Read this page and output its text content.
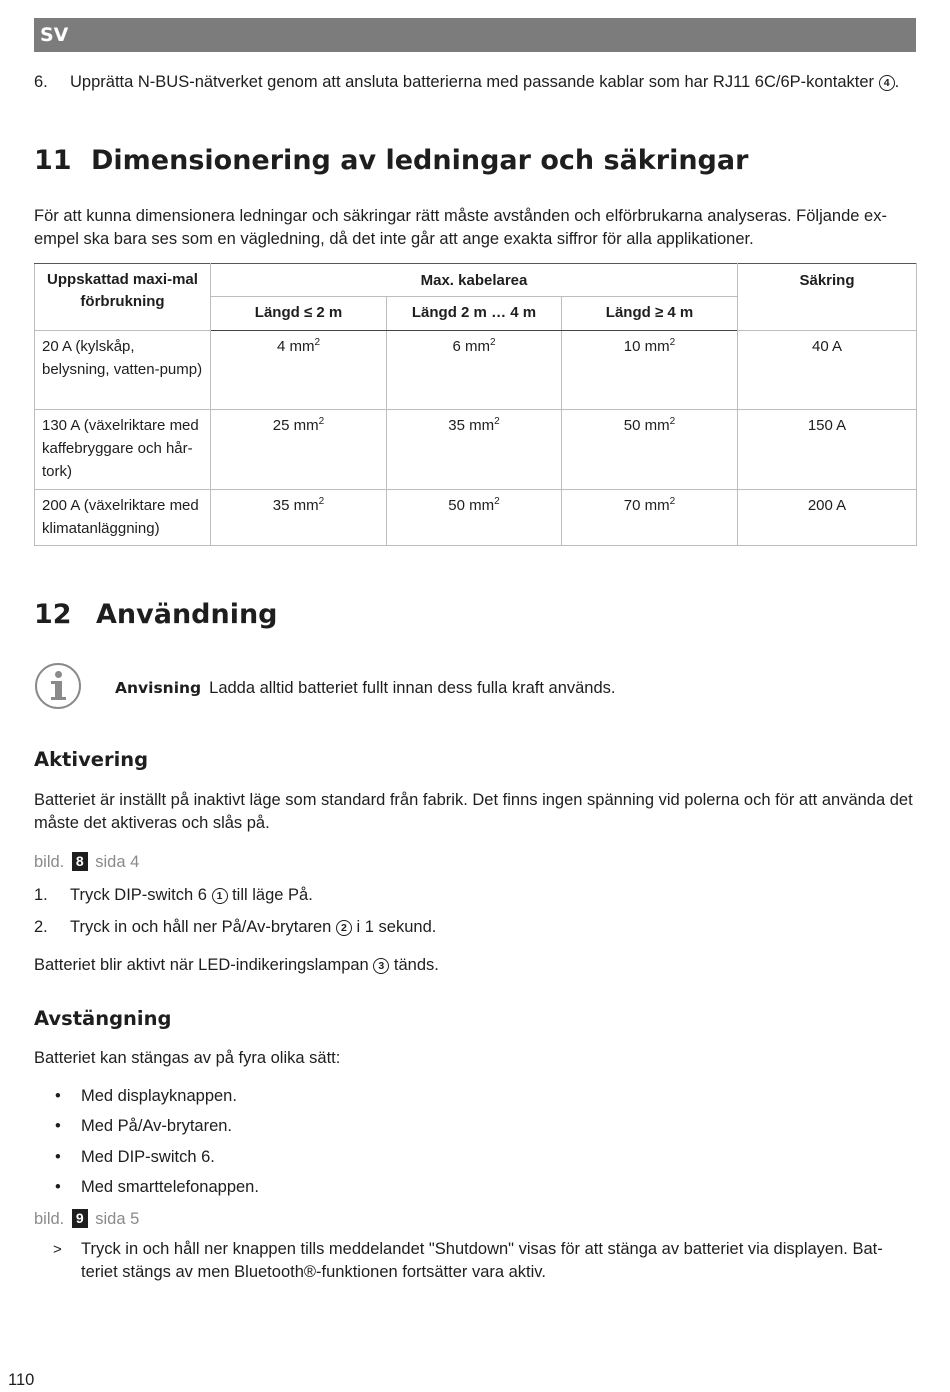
SV
6. Upprätta N-BUS-nätverket genom att ansluta batterierna med passande kablar som har RJ11 6C/6P-kontakter 4 .
11 Dimensionering av ledningar och säkringar

För att kunna dimensionera ledningar och säkringar rätt måste avstånden och elförbrukarna analyseras. Följande ex-empel ska bara ses som en vägledning, då det inte går att ange exakta siffror för alla applikationer.

Uppskattad maxi-mal förbrukning	Max. kabelarea			Säkring
	Längd ≤ 2 m	Längd 2 m … 4 m	Längd ≥ 4 m	
20 A (kylskåp, belysning, vatten-pump)	4 $mm^2$	6 $mm^2$	10 $mm^2$	40 A
130 A (växelriktare med kaffebryggare och hår-tork)	25 $mm^2$	35 $mm^2$	50 $mm^2$	150 A
200 A (växelriktare med klimatanläggning)	35 $mm^2$	50 $mm^2$	70 $mm^2$	200 A
12 Användning
Anvisning Ladda alltid batteriet fullt innan dess fulla kraft används.
Aktivering

Batteriet är inställt på inaktivt läge som standard från fabrik. Det finns ingen spänning vid polerna och för att använda det måste det aktiveras och slås på.

bild. 8 sida 4
1. Tryck DIP-switch 6 1 till läge På.
2. Tryck in och håll ner På/Av-brytaren 2 i 1 sekund.
Batteriet blir aktivt när LED-indikeringslampan 3 tänds.
Avstängning

Batteriet kan stängas av på fyra olika sätt:

• Med displayknappen.
• Med På/Av-brytaren.
• Med DIP-switch 6.
• Med smarttelefonappen.
bild. 9 sida 5
> Tryck in och håll ner knappen tills meddelandet "Shutdown" visas för att stänga av batteriet via displayen. Bat-teriet stängs av men Bluetooth®-funktionen fortsätter vara aktiv.
110
